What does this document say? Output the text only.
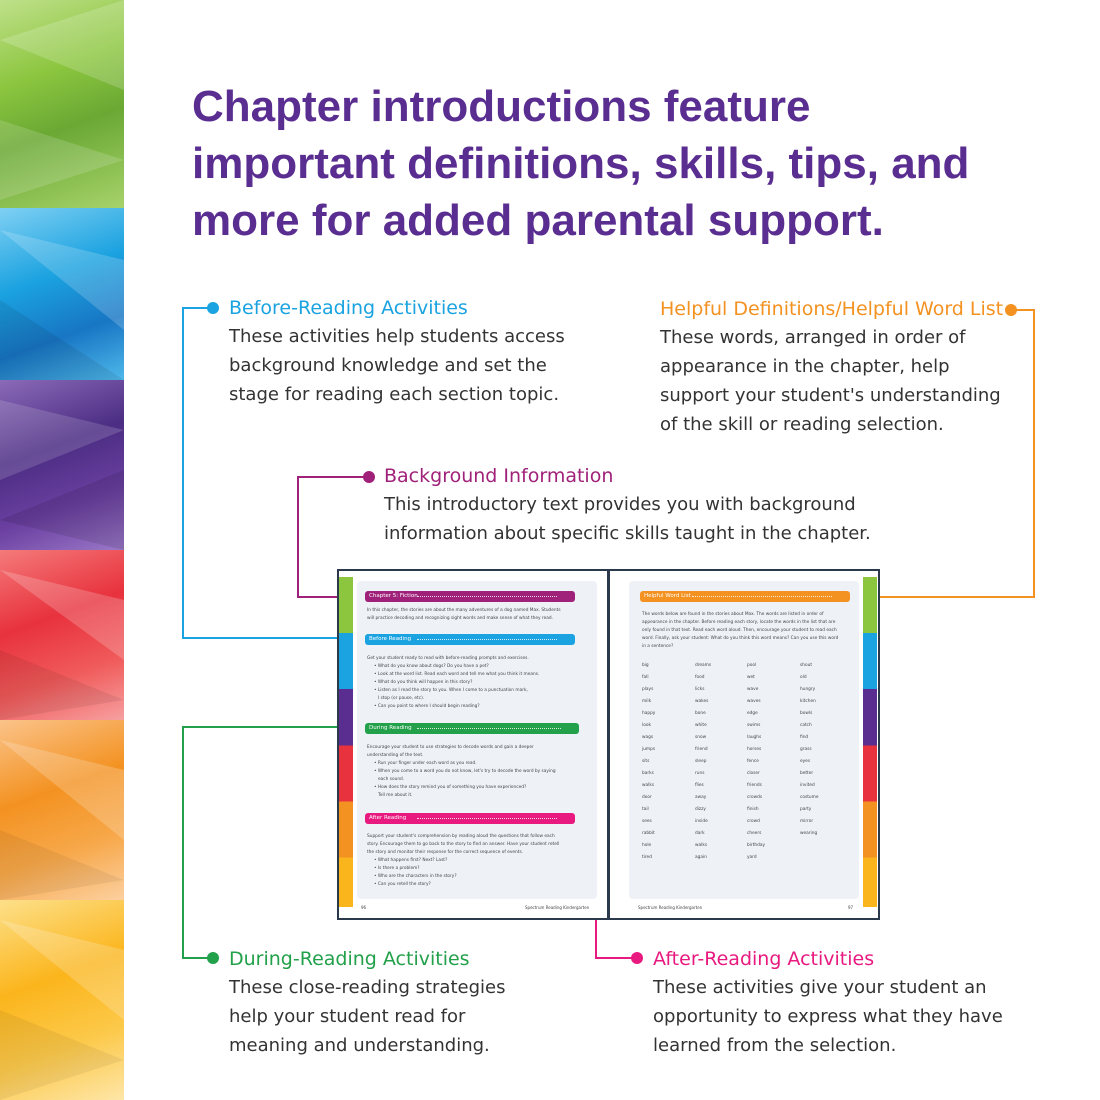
Chapter introductions feature
important definitions, skills, tips, and
more for added parental support.
Before-Reading Activities

These activities help students access
background knowledge and set the
stage for reading each section topic.

Helpful Definitions/Helpful Word List

These words, arranged in order of
appearance in the chapter, help
support your student's understanding
of the skill or reading selection.

Background Information

This introductory text provides you with background
information about specific skills taught in the chapter.

During-Reading Activities

These close-reading strategies
help your student read for
meaning and understanding.

After-Reading Activities

These activities give your student an
opportunity to express what they have
learned from the selection.

Chapter 5: Fiction
In this chapter, the stories are about the many adventures of a dog named Max. Students
will practice decoding and recognizing sight words and make sense of what they read.
Before Reading
Get your student ready to read with before-reading prompts and exercises.
• What do you know about dogs? Do you have a pet?
• Look at the word list. Read each word and tell me what you think it means.
• What do you think will happen in this story?
• Listen as I read the story to you. When I come to a punctuation mark,
I stop (or pause, etc).
• Can you point to where I should begin reading?
During Reading
Encourage your student to use strategies to decode words and gain a deeper
understanding of the text.
• Run your finger under each word as you read.
• When you come to a word you do not know, let's try to decode the word by saying
each sound.
• How does the story remind you of something you have experienced?
Tell me about it.
After Reading
Support your student's comprehension by reading aloud the questions that follow each
story. Encourage them to go back to the story to find an answer. Have your student retell
the story and monitor their response for the correct sequence of events.
• What happens first? Next? Last?
• Is there a problem?
• Who are the characters in the story?
• Can you retell the story?
96	Spectrum Reading Kindergarten
Helpful Word List
The words below are found in the stories about Max. The words are listed in order of
appearance in the chapter. Before reading each story, locate the words in the list that are
only found in that text. Read each word aloud. Then, encourage your student to read each
word. Finally, ask your student: What do you think this word means? Can you use this word
in a sentence?
big
fall
plays
milk
happy
look
wags
jumps
sits
barks
walks
door
tail
sees
rabbit
hole
tired
dreams
food
licks
wakes
bone
white
snow
friend
sleep
runs
flies
away
dizzy
inside
dark
walks
again
pool
wet
wave
waves
edge
swims
laughs
horses
fence
closer
friends
crowds
finish
crowd
cheers
birthday
yard
shout
old
hungry
kitchen
bowls
catch
find
grass
eyes
better
invited
costume
party
mirror
wearing
Spectrum Reading Kindergarten	97
